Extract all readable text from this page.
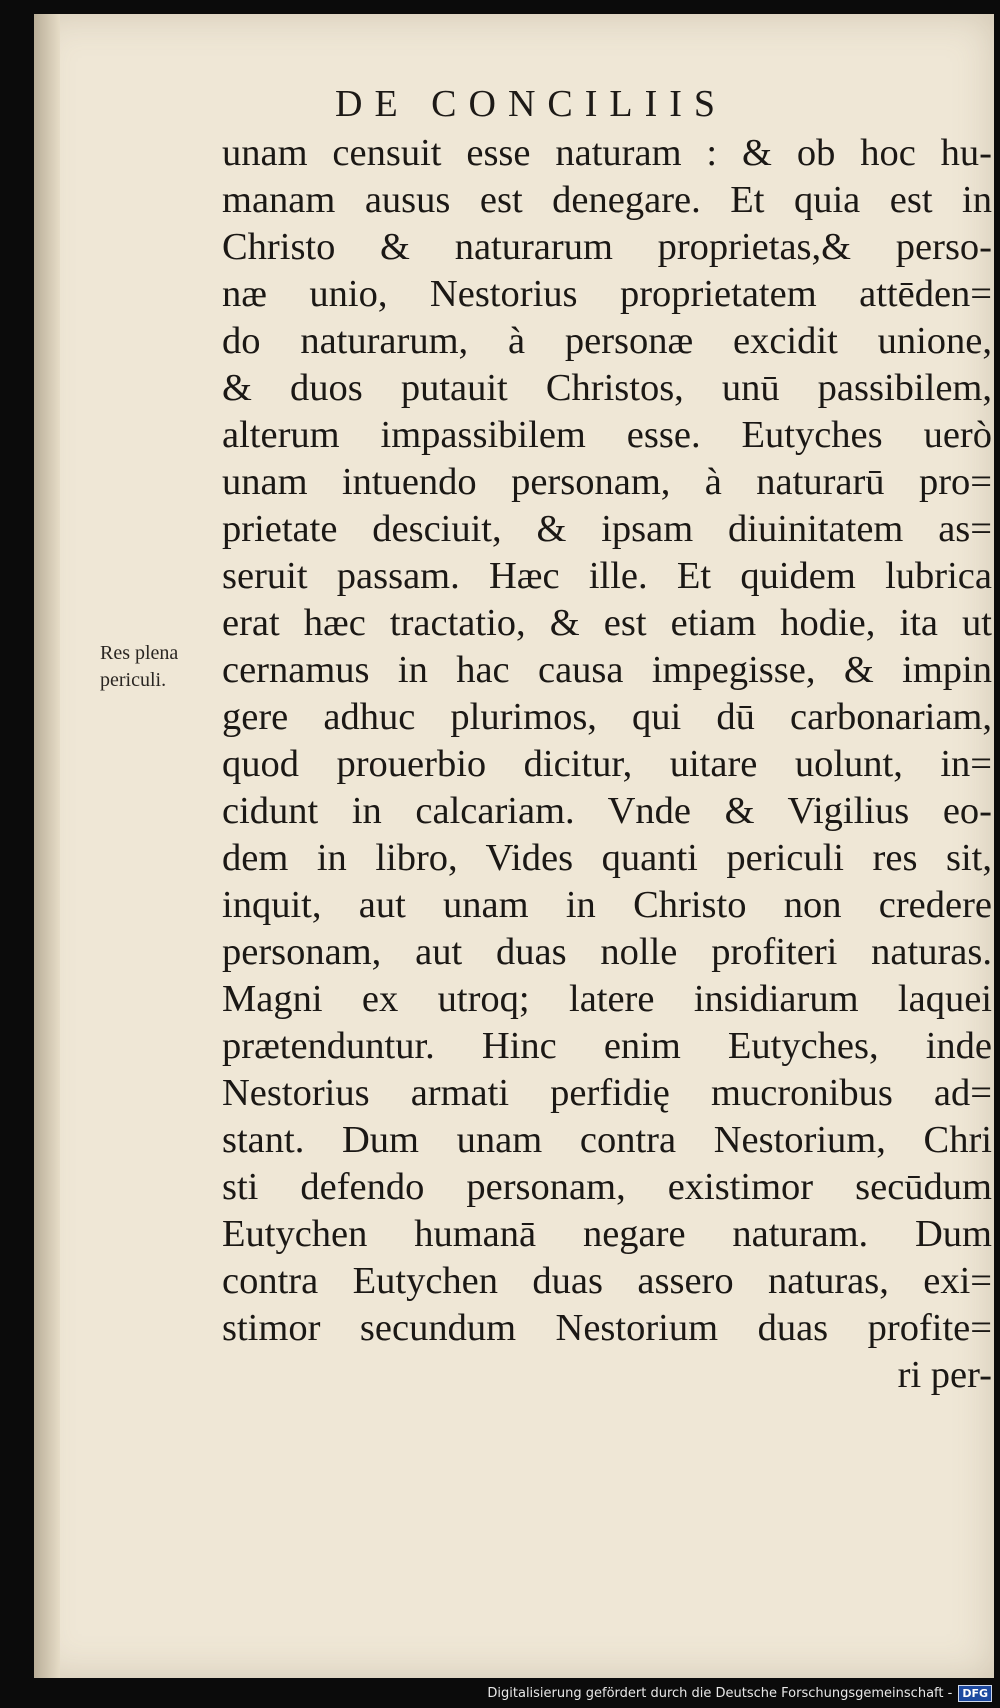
DE CONCILIIS
Res plena
periculi.
unam censuit esse naturam : & ob hoc hu-
manam ausus est denegare. Et quia est in
Christo & naturarum proprietas,& perso-
næ unio, Nestorius proprietatem attēden=
do naturarum, à personæ excidit unione,
& duos putauit Christos, unū passibilem,
alterum impassibilem esse. Eutyches uerò
unam intuendo personam, à naturarū pro=
prietate desciuit, & ipsam diuinitatem as=
seruit passam. Hæc ille. Et quidem lubrica
erat hæc tractatio, & est etiam hodie, ita ut
cernamus in hac causa impegisse, & impin
gere adhuc plurimos, qui dū carbonariam,
quod prouerbio dicitur, uitare uolunt, in=
cidunt in calcariam. Vnde & Vigilius eo-
dem in libro, Vides quanti periculi res sit,
inquit, aut unam in Christo non credere
personam, aut duas nolle profiteri naturas.
Magni ex utroq; latere insidiarum laquei
prætenduntur. Hinc enim Eutyches, inde
Nestorius armati perfidię mucronibus ad=
stant. Dum unam contra Nestorium, Chri
sti defendo personam, existimor secūdum
Eutychen humanā negare naturam. Dum
contra Eutychen duas assero naturas, exi=
stimor secundum Nestorium duas profite=
ri per-
Digitalisierung gefördert durch die Deutsche Forschungsgemeinschaft - DFG
